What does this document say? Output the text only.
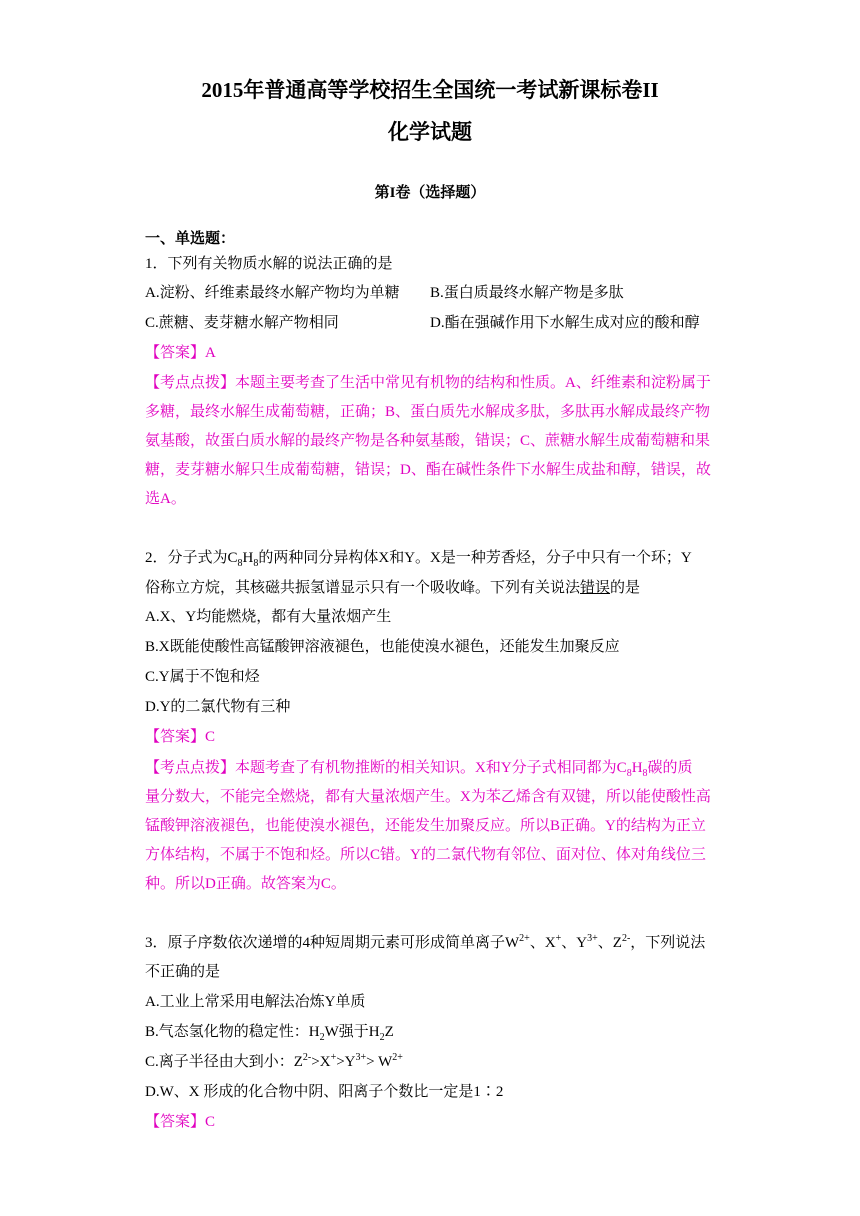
2015年普通高等学校招生全国统一考试新课标卷II
化学试题
第I卷（选择题）
一、单选题：
1．下列有关物质水解的说法正确的是
A.淀粉、纤维素最终水解产物均为单糖	B.蛋白质最终水解产物是多肽
C.蔗糖、麦芽糖水解产物相同	D.酯在强碱作用下水解生成对应的酸和醇
【答案】A
【考点点拨】本题主要考查了生活中常见有机物的结构和性质。A、纤维素和淀粉属于
多糖，最终水解生成葡萄糖，正确；B、蛋白质先水解成多肽，多肽再水解成最终产物
氨基酸，故蛋白质水解的最终产物是各种氨基酸，错误；C、蔗糖水解生成葡萄糖和果
糖，麦芽糖水解只生成葡萄糖，错误；D、酯在碱性条件下水解生成盐和醇，错误，故
选A。
2．分子式为$C_8H_8$的两种同分异构体X和Y。X是一种芳香烃，分子中只有一个环；Y
俗称立方烷，其核磁共振氢谱显示只有一个吸收峰。下列有关说法错误的是
A.X、Y均能燃烧，都有大量浓烟产生
B.X既能使酸性高锰酸钾溶液褪色，也能使溴水褪色，还能发生加聚反应
C.Y属于不饱和烃
D.Y的二氯代物有三种
【答案】C
【考点点拨】本题考查了有机物推断的相关知识。X和Y分子式相同都为$C_8H_8$碳的质
量分数大，不能完全燃烧，都有大量浓烟产生。X为苯乙烯含有双键，所以能使酸性高
锰酸钾溶液褪色，也能使溴水褪色，还能发生加聚反应。所以B正确。Y的结构为正立
方体结构，不属于不饱和烃。所以C错。Y的二氯代物有邻位、面对位、体对角线位三
种。所以D正确。故答案为C。
3．原子序数依次递增的4种短周期元素可形成简单离子$W^{2+}$、X+、$Y^{3+}$、$Z^{2-}$，下列说法
不正确的是
A.工业上常采用电解法冶炼Y单质
B.气态氢化物的稳定性：$H_2W$强于$H_2Z$
C.离子半径由大到小：$Z^{2-}>X^+>Y^{3+}> W^{2+}$
D.W、X 形成的化合物中阴、阳离子个数比一定是1∶2
【答案】C
